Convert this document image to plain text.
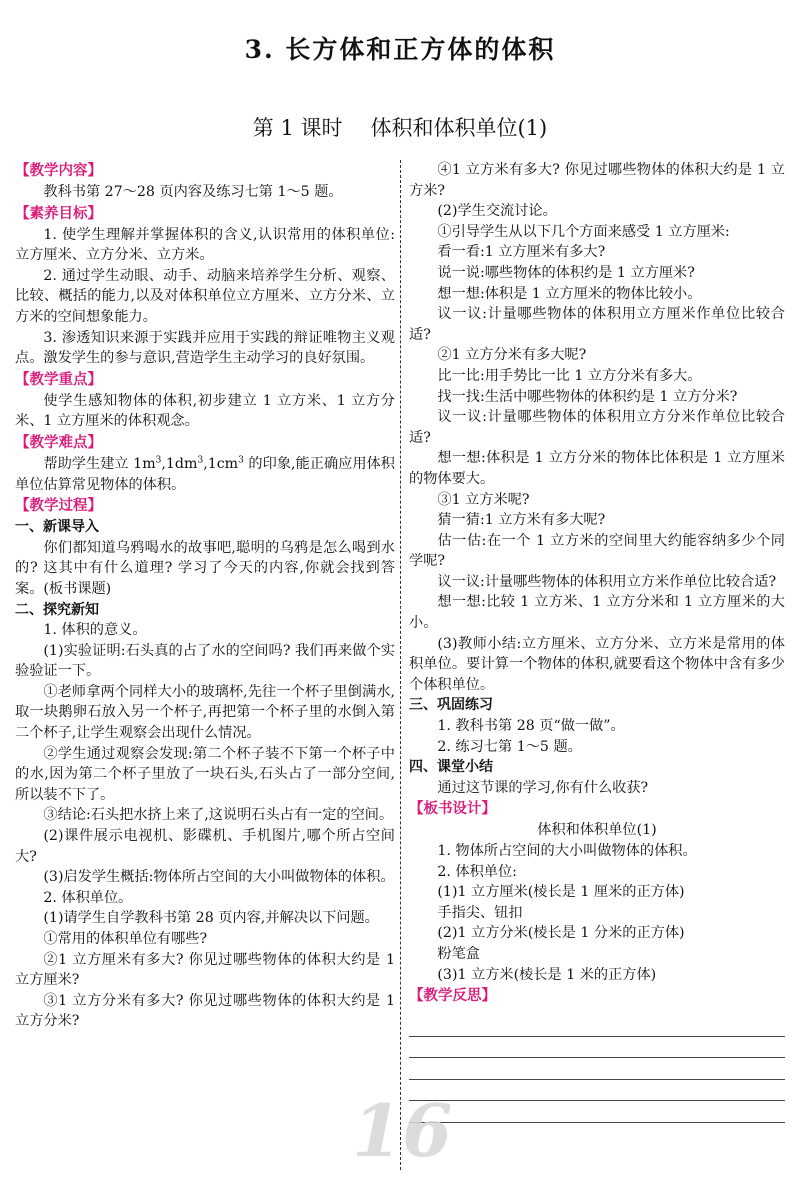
3. 长方体和正方体的体积
第 1 课时 体积和体积单位(1)

【教学内容】

教科书第 27～28 页内容及练习七第 1～5 题。

【素养目标】

1. 使学生理解并掌握体积的含义,认识常用的体积单位:立方厘米、立方分米、立方米。

2. 通过学生动眼、动手、动脑来培养学生分析、观察、比较、概括的能力,以及对体积单位立方厘米、立方分米、立方米的空间想象能力。

3. 渗透知识来源于实践并应用于实践的辩证唯物主义观点。激发学生的参与意识,营造学生主动学习的良好氛围。

【教学重点】

使学生感知物体的体积,初步建立 1 立方米、1 立方分米、1 立方厘米的体积观念。

【教学难点】

帮助学生建立 $1m^3,1dm^3,1cm^3$ 的印象,能正确应用体积单位估算常见物体的体积。

【教学过程】

一、新课导入

你们都知道乌鸦喝水的故事吧,聪明的乌鸦是怎么喝到水的? 这其中有什么道理? 学习了今天的内容,你就会找到答案。(板书课题)

二、探究新知

1. 体积的意义。

(1)实验证明:石头真的占了水的空间吗? 我们再来做个实验验证一下。

①老师拿两个同样大小的玻璃杯,先往一个杯子里倒满水,取一块鹅卵石放入另一个杯子,再把第一个杯子里的水倒入第二个杯子,让学生观察会出现什么情况。

②学生通过观察会发现:第二个杯子装不下第一个杯子中的水,因为第二个杯子里放了一块石头,石头占了一部分空间,所以装不下了。

③结论:石头把水挤上来了,这说明石头占有一定的空间。

(2)课件展示电视机、影碟机、手机图片,哪个所占空间大?

(3)启发学生概括:物体所占空间的大小叫做物体的体积。

2. 体积单位。

(1)请学生自学教科书第 28 页内容,并解决以下问题。

①常用的体积单位有哪些?

②1 立方厘米有多大? 你见过哪些物体的体积大约是 1 立方厘米?

③1 立方分米有多大? 你见过哪些物体的体积大约是 1 立方分米?

④1 立方米有多大? 你见过哪些物体的体积大约是 1 立方米?

(2)学生交流讨论。

①引导学生从以下几个方面来感受 1 立方厘米:

看一看:1 立方厘米有多大?

说一说:哪些物体的体积约是 1 立方厘米?

想一想:体积是 1 立方厘米的物体比较小。

议一议:计量哪些物体的体积用立方厘米作单位比较合适?

②1 立方分米有多大呢?

比一比:用手势比一比 1 立方分米有多大。

找一找:生活中哪些物体的体积约是 1 立方分米?

议一议:计量哪些物体的体积用立方分米作单位比较合适?

想一想:体积是 1 立方分米的物体比体积是 1 立方厘米的物体要大。

③1 立方米呢?

猜一猜:1 立方米有多大呢?

估一估:在一个 1 立方米的空间里大约能容纳多少个同学呢?

议一议:计量哪些物体的体积用立方米作单位比较合适?

想一想:比较 1 立方米、1 立方分米和 1 立方厘米的大小。

(3)教师小结:立方厘米、立方分米、立方米是常用的体积单位。要计算一个物体的体积,就要看这个物体中含有多少个体积单位。

三、巩固练习

1. 教科书第 28 页“做一做”。

2. 练习七第 1～5 题。

四、课堂小结

通过这节课的学习,你有什么收获?

【板书设计】

体积和体积单位(1)

1. 物体所占空间的大小叫做物体的体积。

2. 体积单位:

(1)1 立方厘米(棱长是 1 厘米的正方体)

手指尖、钮扣

(2)1 立方分米(棱长是 1 分米的正方体)

粉笔盒

(3)1 立方米(棱长是 1 米的正方体)

【教学反思】

16
